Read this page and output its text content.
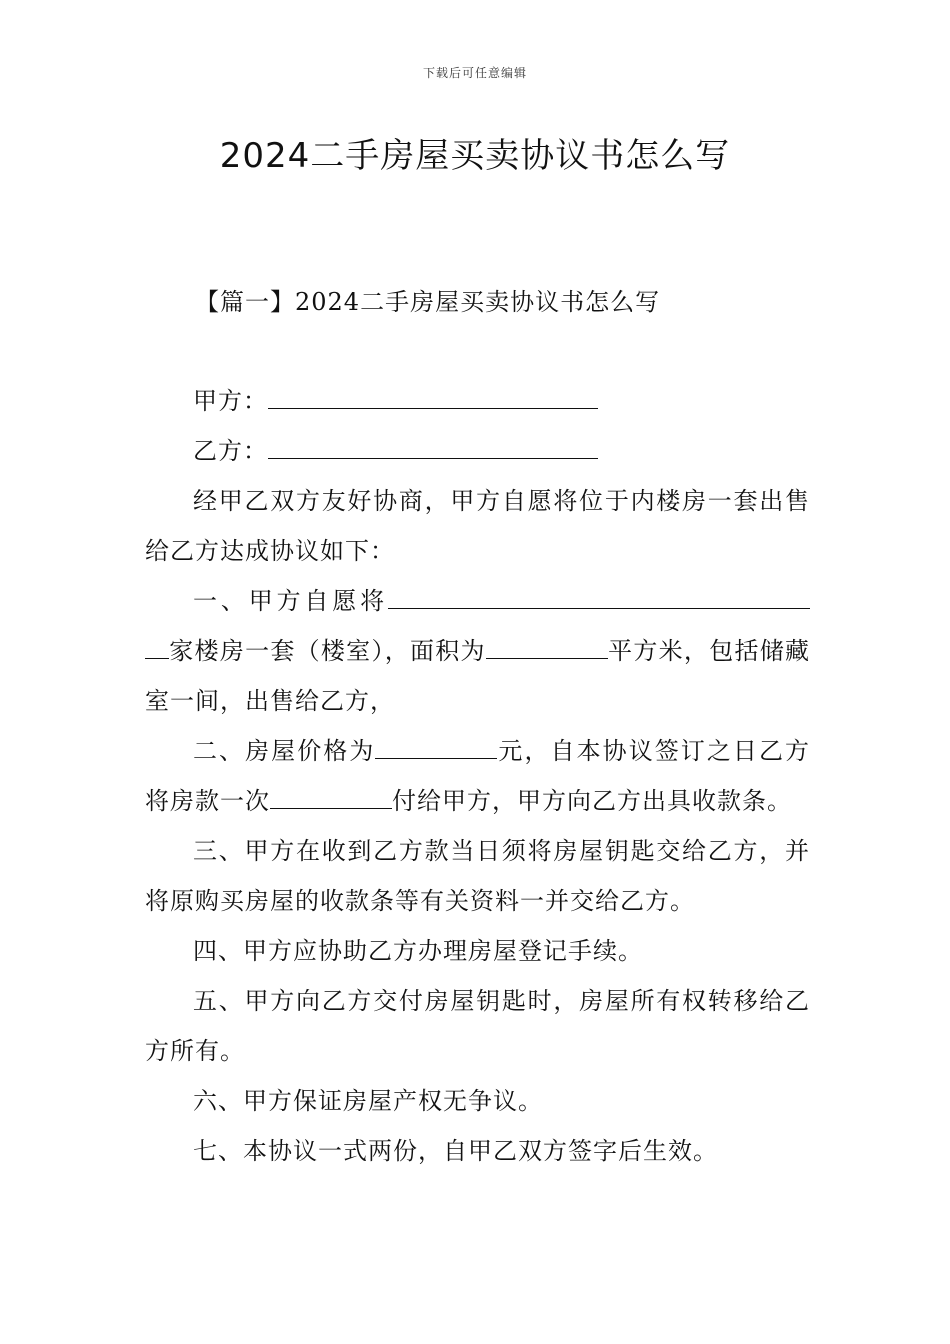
下载后可任意编辑
2024二手房屋买卖协议书怎么写
【篇一】2024二手房屋买卖协议书怎么写

甲方：

乙方：

经甲乙双方友好协商，甲方自愿将位于内楼房一套出售给乙方达成协议如下：

一、甲方自愿将家楼房一套（楼室），面积为	平方米，包括储藏室一间，出售给乙方，

二、房屋价格为	元，自本协议签订之日乙方将房款一次	付给甲方，甲方向乙方出具收款条。

三、甲方在收到乙方款当日须将房屋钥匙交给乙方，并将原购买房屋的收款条等有关资料一并交给乙方。

四、甲方应协助乙方办理房屋登记手续。

五、甲方向乙方交付房屋钥匙时，房屋所有权转移给乙方所有。

六、甲方保证房屋产权无争议。

七、本协议一式两份，自甲乙双方签字后生效。
